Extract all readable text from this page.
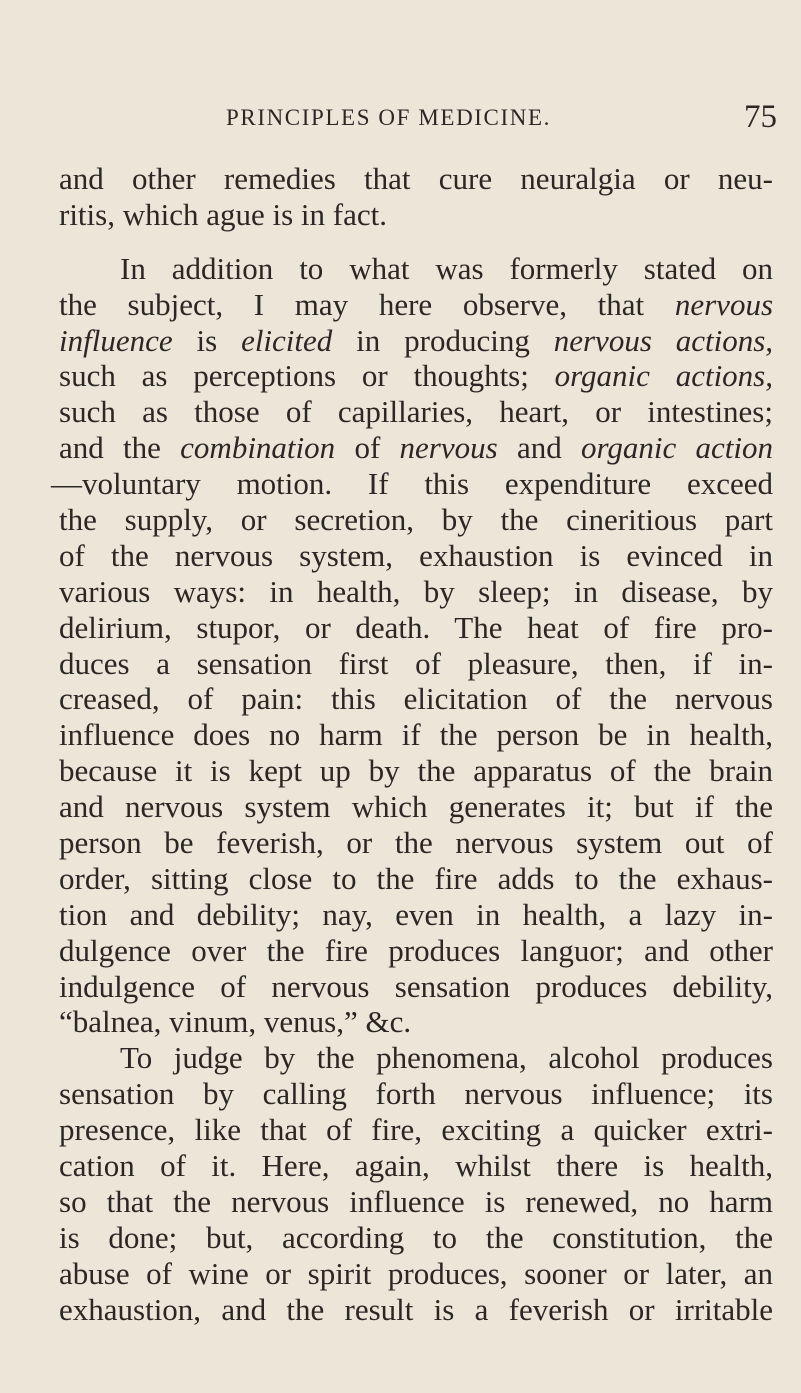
PRINCIPLES OF MEDICINE.	75
and other remedies that cure neuralgia or neu-
ritis, which ague is in fact.
In addition to what was formerly stated on
the subject, I may here observe, that nervous
influence is elicited in producing nervous actions,
such as perceptions or thoughts; organic actions,
such as those of capillaries, heart, or intestines;
and the combination of nervous and organic action
—voluntary motion. If this expenditure exceed
the supply, or secretion, by the cineritious part
of the nervous system, exhaustion is evinced in
various ways: in health, by sleep; in disease, by
delirium, stupor, or death. The heat of fire pro-
duces a sensation first of pleasure, then, if in-
creased, of pain: this elicitation of the nervous
influence does no harm if the person be in health,
because it is kept up by the apparatus of the brain
and nervous system which generates it; but if the
person be feverish, or the nervous system out of
order, sitting close to the fire adds to the exhaus-
tion and debility; nay, even in health, a lazy in-
dulgence over the fire produces languor; and other
indulgence of nervous sensation produces debility,
“balnea, vinum, venus,” &c.
To judge by the phenomena, alcohol produces
sensation by calling forth nervous influence; its
presence, like that of fire, exciting a quicker extri-
cation of it. Here, again, whilst there is health,
so that the nervous influence is renewed, no harm
is done; but, according to the constitution, the
abuse of wine or spirit produces, sooner or later, an
exhaustion, and the result is a feverish or irritable
